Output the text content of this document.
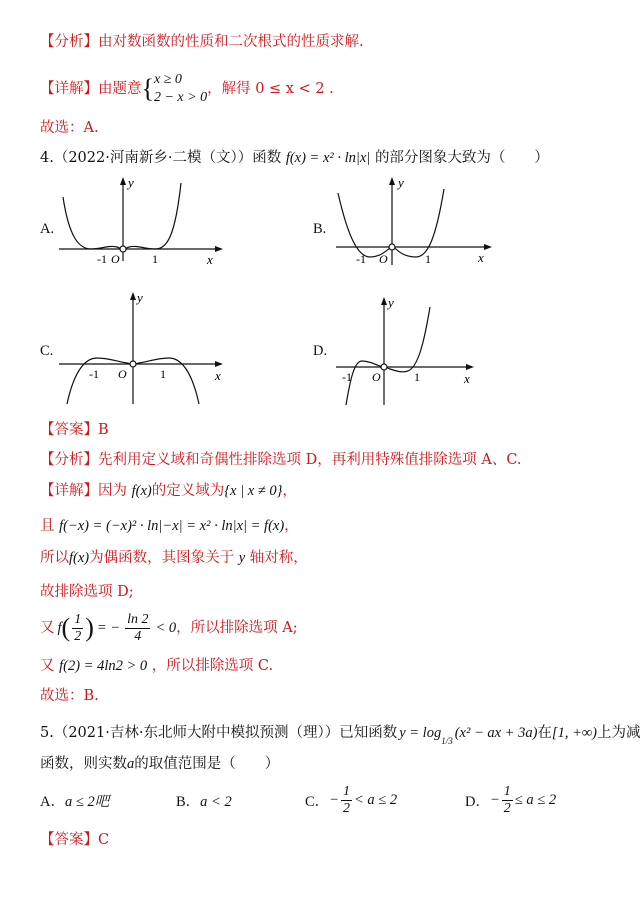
【分析】由对数函数的性质和二次根式的性质求解.
【详解】 由题意 { x ≥ 0
2 − x > 0
，解得 0 ≤ x < 2 .
故选：A.
4.（2022·河南新乡·二模（文））函数 f(x) = x² · ln|x| 的部分图象大致为（　　）
A.	B.
C.	D.
-1 O	1	x
y
-1 O	1	x
y
-1 O	1	x
y
-1 O	1	x
y
【答案】B
【分析】先利用定义域和奇偶性排除选项 D，再利用特殊值排除选项 A、C.
【详解】因为 f(x)的定义域为{x | x ≠ 0}，
且 f(−x) = (−x)² · ln|−x| = x² · ln|x| = f(x)，
所以f(x)为偶函数，其图象关于 y 轴对称，
故排除选项 D;
又 f ( $\frac{1}{2}$ ) = − $\frac{\ln 2}{4} < 0$ ，所以排除选项 A;
又 f(2) = 4ln2 > 0 ，所以排除选项 C.
故选：B.
5.（2021·吉林·东北师大附中模拟预测（理））已知函数 y = log 1/3 (x² − ax + 3a) 在 [1, +∞) 上为减
函数，则实数a的取值范围是（　　）
A．a ≤ 2吧	B．a < 2	C． − $\frac{1}{2} < a \le 2$	D． − $\frac{1}{2} \le a \le 2$
【答案】C
